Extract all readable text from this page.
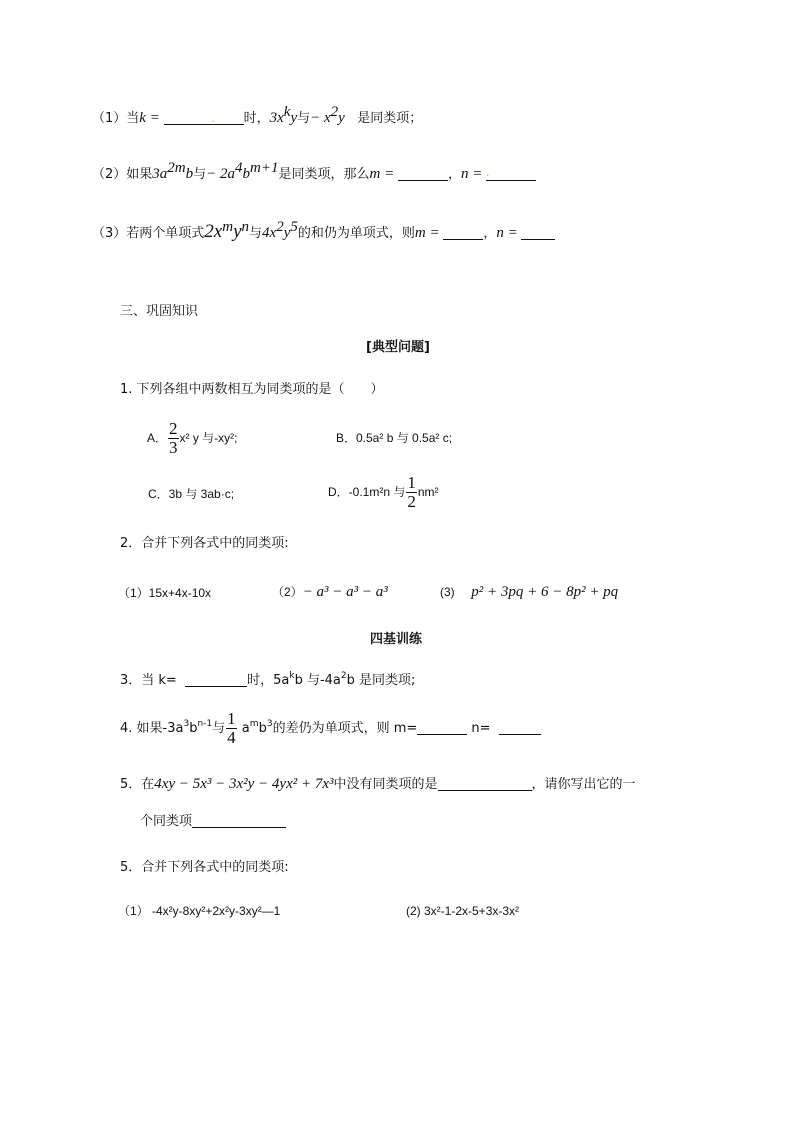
（1）当k =	. 时，$3x^ky$与− $x^2y$ 是同类项；
（2）如果$3a^{2m}b$与− $2a^4b^{m+1}$是同类项，那么m =	，n = .
（3）若两个单项式$2x^my^n$与$4x^2y^5$的和仍为单项式，则m =	，n =
三、巩固知识
[典型问题]
1. 下列各组中两数相互为同类项的是（　　）
A． $\frac{2}{3} x^2$ y 与-xy²;	B．0.5a² b 与 0.5a² c;
C．3b 与 3ab·c;	D．-0.1m²n 与 $\frac{1}{2} nm^2$
2．合并下列各式中的同类项:
（1）15x+4x-10x	（2）− a³ − a³ − a³	(3) p² + 3pq + 6 − 8p² + pq
四基训练
3．当 k=	时，$5a^kb$ 与$-4a^2b$ 是同类项;
4. 如果$-3a^3b^{n-1}$与 $\frac{1}{4} a^mb^3$的差仍为单项式，则 m=	n=
5．在4xy − 5x³ − 3x²y − 4yx² + 7x³中没有同类项的是	，请你写出它的一
个同类项
5．合并下列各式中的同类项:
（1） -4x²y-8xy²+2x²y-3xy²—1	(2) 3x²-1-2x-5+3x-3x²
